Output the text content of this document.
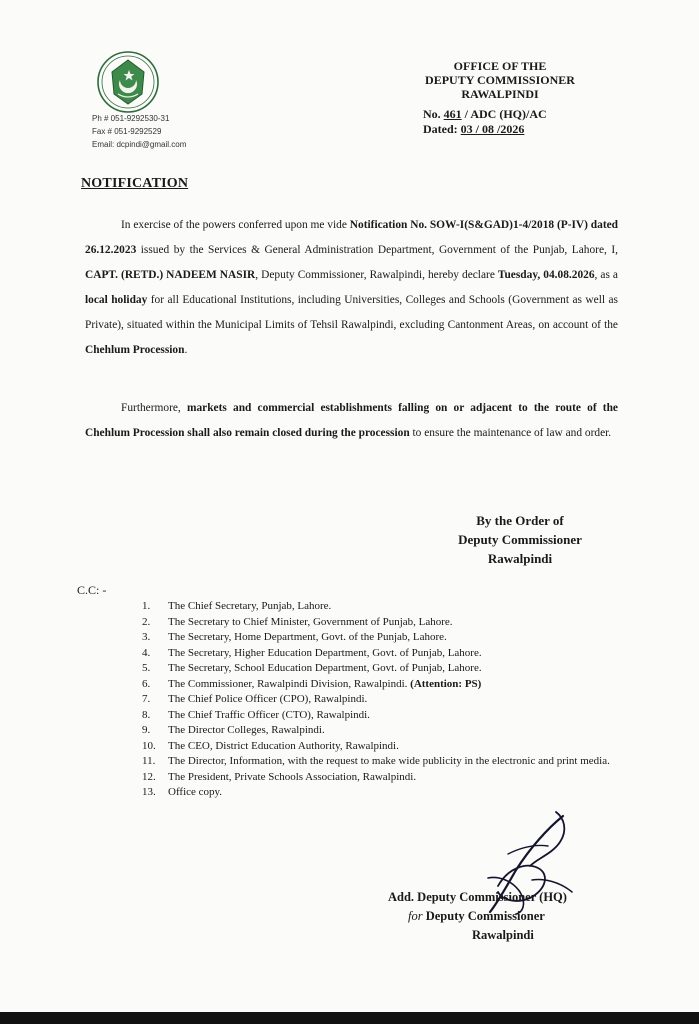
Ph # 051-9292530-31
Fax # 051-9292529
Email: dcpindi@gmail.com
OFFICE OF THE
DEPUTY COMMISSIONER
RAWALPINDI
No. 461 / ADC (HQ)/AC
Dated: 03 / 08 /2026
NOTIFICATION
In exercise of the powers conferred upon me vide Notification No. SOW-I(S&GAD)1-4/2018 (P-IV) dated 26.12.2023 issued by the Services & General Administration Department, Government of the Punjab, Lahore, I, CAPT. (RETD.) NADEEM NASIR, Deputy Commissioner, Rawalpindi, hereby declare Tuesday, 04.08.2026, as a local holiday for all Educational Institutions, including Universities, Colleges and Schools (Government as well as Private), situated within the Municipal Limits of Tehsil Rawalpindi, excluding Cantonment Areas, on account of the Chehlum Procession.
Furthermore, markets and commercial establishments falling on or adjacent to the route of the Chehlum Procession shall also remain closed during the procession to ensure the maintenance of law and order.
By the Order of
Deputy Commissioner
Rawalpindi
C.C: -
1.	The Chief Secretary, Punjab, Lahore.
2.	The Secretary to Chief Minister, Government of Punjab, Lahore.
3.	The Secretary, Home Department, Govt. of the Punjab, Lahore.
4.	The Secretary, Higher Education Department, Govt. of Punjab, Lahore.
5.	The Secretary, School Education Department, Govt. of Punjab, Lahore.
6.	The Commissioner, Rawalpindi Division, Rawalpindi. (Attention: PS)
7.	The Chief Police Officer (CPO), Rawalpindi.
8.	The Chief Traffic Officer (CTO), Rawalpindi.
9.	The Director Colleges, Rawalpindi.
10.	The CEO, District Education Authority, Rawalpindi.
11.	The Director, Information, with the request to make wide publicity in the electronic and print media.
12.	The President, Private Schools Association, Rawalpindi.
13.	Office copy.
Add. Deputy Commissioner (HQ)
for Deputy Commissioner
Rawalpindi
